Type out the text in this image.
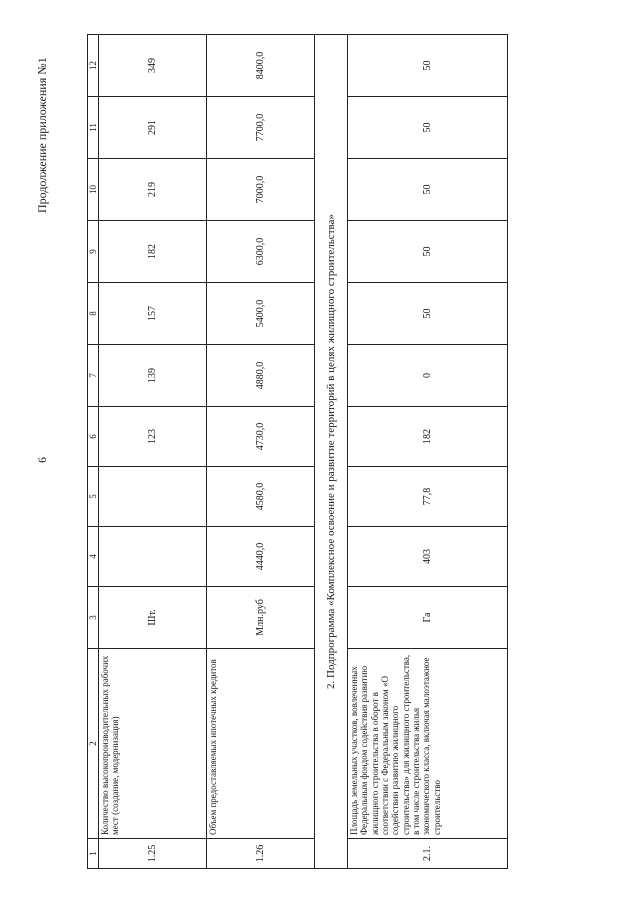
6
Продолжение приложения №1
1	2	3	4	5	6	7	8	9	10	11	12
1.25	Количество высокопроизводительных рабочих мест (создание, модернизация)	Шт.			123	139	157	182	219	291	349
1.26	Объем предоставляемых ипотечных кредитов	Млн.руб	4440,0	4580,0	4730,0	4880,0	5400,0	6300,0	7000,0	7700,0	8400,0
2. Подпрограмма «Комплексное освоение и развитие территорий в целях жилищного строительства»											
2.1.	Площадь земельных участков, вовлеченных Федеральным фондом содействия развитию жилищного строительства в оборот в соответствии с Федеральным законом «О содействии развитию жилищного строительства» для жилищного строительства, в том числе строительства жилья экономического класса, включая малоэтажное строительство	Га	403	77,8	182	0	50	50	50	50	50
